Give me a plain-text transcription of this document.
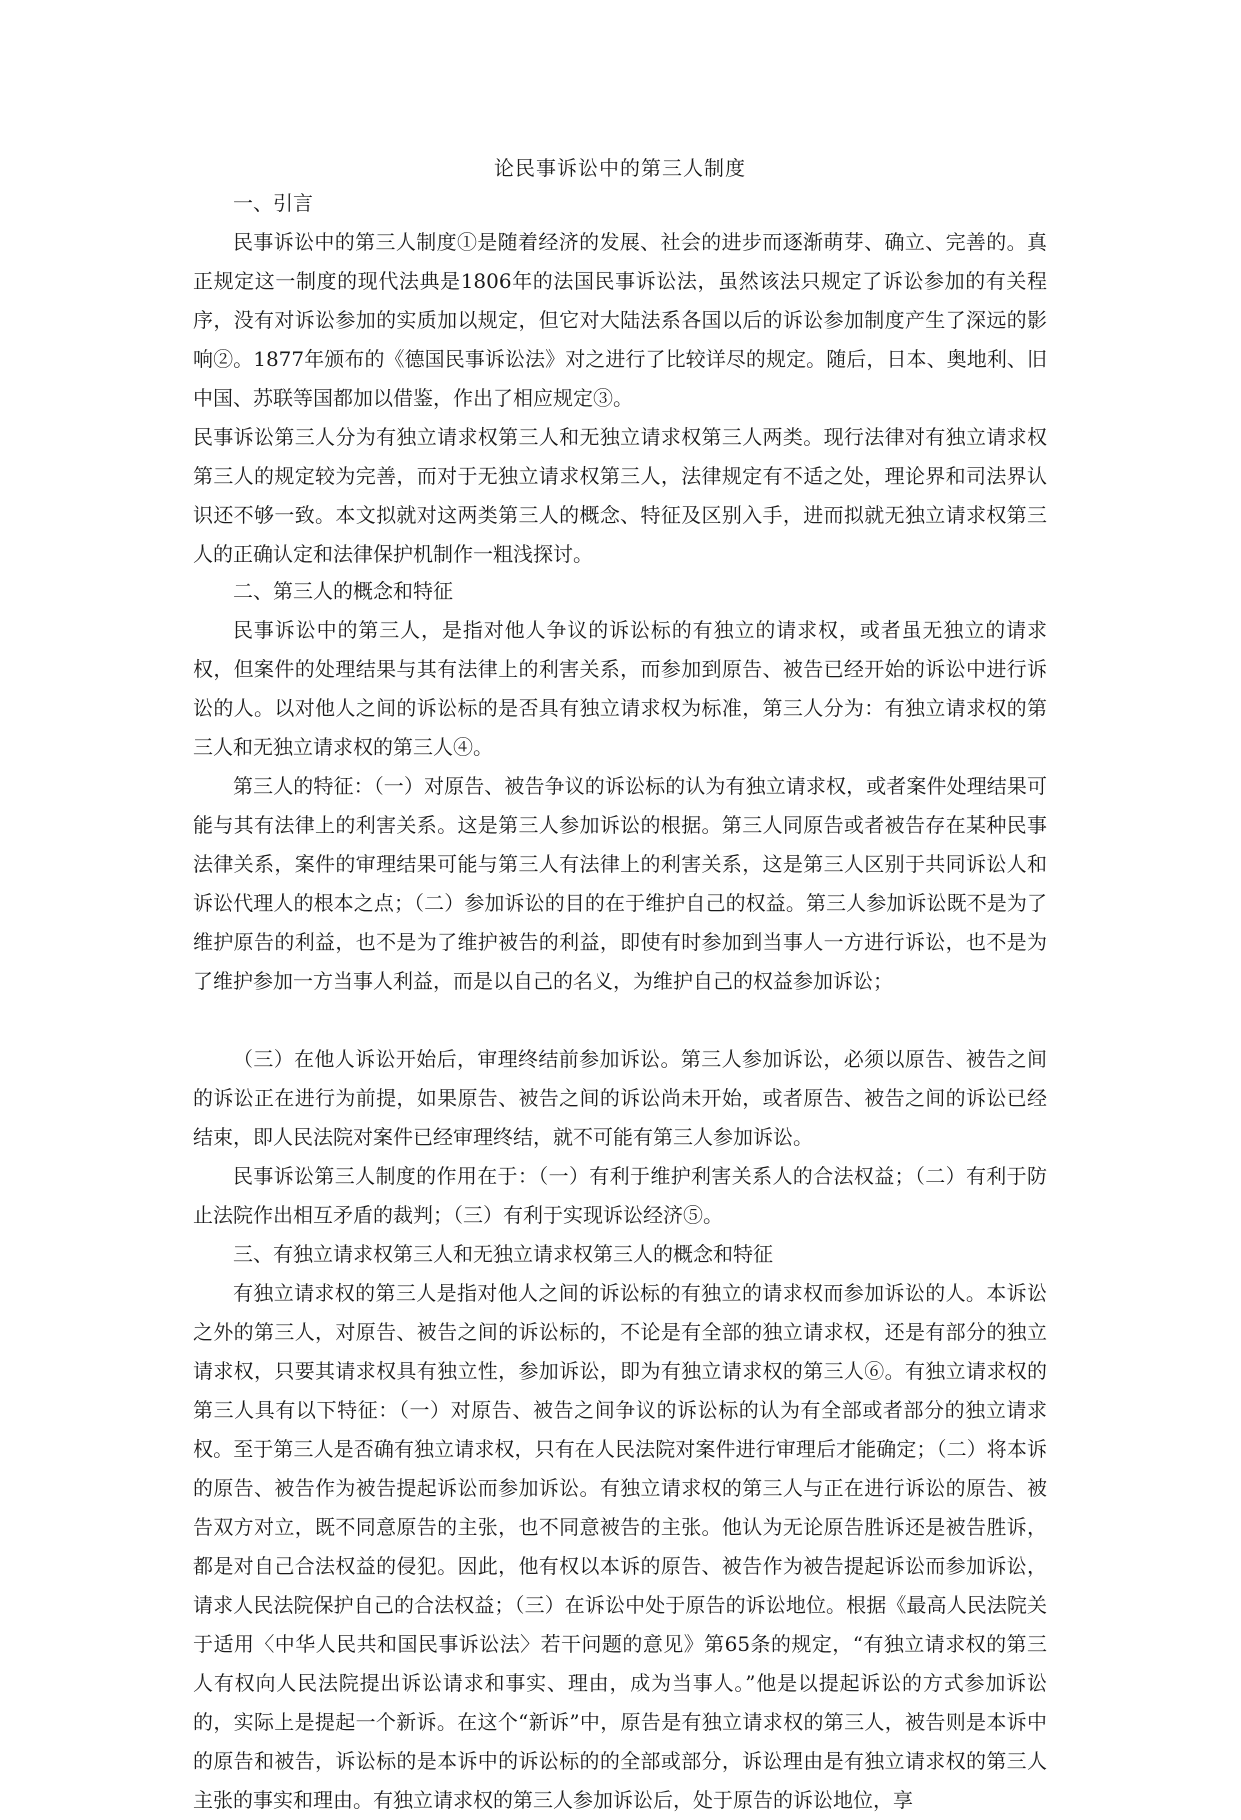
论民事诉讼中的第三人制度
一、引言

民事诉讼中的第三人制度①是随着经济的发展、社会的进步而逐渐萌芽、确立、完善的。真正规定这一制度的现代法典是1806年的法国民事诉讼法，虽然该法只规定了诉讼参加的有关程序，没有对诉讼参加的实质加以规定，但它对大陆法系各国以后的诉讼参加制度产生了深远的影响②。1877年颁布的《德国民事诉讼法》对之进行了比较详尽的规定。随后，日本、奥地利、旧中国、苏联等国都加以借鉴，作出了相应规定③。

民事诉讼第三人分为有独立请求权第三人和无独立请求权第三人两类。现行法律对有独立请求权第三人的规定较为完善，而对于无独立请求权第三人，法律规定有不适之处，理论界和司法界认识还不够一致。本文拟就对这两类第三人的概念、特征及区别入手，进而拟就无独立请求权第三人的正确认定和法律保护机制作一粗浅探讨。

二、第三人的概念和特征

民事诉讼中的第三人，是指对他人争议的诉讼标的有独立的请求权，或者虽无独立的请求权，但案件的处理结果与其有法律上的利害关系，而参加到原告、被告已经开始的诉讼中进行诉讼的人。以对他人之间的诉讼标的是否具有独立请求权为标准，第三人分为：有独立请求权的第三人和无独立请求权的第三人④。

第三人的特征：（一）对原告、被告争议的诉讼标的认为有独立请求权，或者案件处理结果可能与其有法律上的利害关系。这是第三人参加诉讼的根据。第三人同原告或者被告存在某种民事法律关系，案件的审理结果可能与第三人有法律上的利害关系，这是第三人区别于共同诉讼人和诉讼代理人的根本之点；（二）参加诉讼的目的在于维护自己的权益。第三人参加诉讼既不是为了维护原告的利益，也不是为了维护被告的利益，即使有时参加到当事人一方进行诉讼，也不是为了维护参加一方当事人利益，而是以自己的名义，为维护自己的权益参加诉讼；

（三）在他人诉讼开始后，审理终结前参加诉讼。第三人参加诉讼，必须以原告、被告之间的诉讼正在进行为前提，如果原告、被告之间的诉讼尚未开始，或者原告、被告之间的诉讼已经结束，即人民法院对案件已经审理终结，就不可能有第三人参加诉讼。

民事诉讼第三人制度的作用在于：（一）有利于维护利害关系人的合法权益；（二）有利于防止法院作出相互矛盾的裁判；（三）有利于实现诉讼经济⑤。

三、有独立请求权第三人和无独立请求权第三人的概念和特征

有独立请求权的第三人是指对他人之间的诉讼标的有独立的请求权而参加诉讼的人。本诉讼之外的第三人，对原告、被告之间的诉讼标的，不论是有全部的独立请求权，还是有部分的独立请求权，只要其请求权具有独立性，参加诉讼，即为有独立请求权的第三人⑥。有独立请求权的第三人具有以下特征：（一）对原告、被告之间争议的诉讼标的认为有全部或者部分的独立请求权。至于第三人是否确有独立请求权，只有在人民法院对案件进行审理后才能确定；（二）将本诉的原告、被告作为被告提起诉讼而参加诉讼。有独立请求权的第三人与正在进行诉讼的原告、被告双方对立，既不同意原告的主张，也不同意被告的主张。他认为无论原告胜诉还是被告胜诉，都是对自己合法权益的侵犯。因此，他有权以本诉的原告、被告作为被告提起诉讼而参加诉讼，请求人民法院保护自己的合法权益；（三）在诉讼中处于原告的诉讼地位。根据《最高人民法院关于适用〈中华人民共和国民事诉讼法〉若干问题的意见》第65条的规定，“有独立请求权的第三人有权向人民法院提出诉讼请求和事实、理由，成为当事人。”他是以提起诉讼的方式参加诉讼的，实际上是提起一个新诉。在这个“新诉”中，原告是有独立请求权的第三人，被告则是本诉中的原告和被告，诉讼标的是本诉中的诉讼标的的全部或部分，诉讼理由是有独立请求权的第三人主张的事实和理由。有独立请求权的第三人参加诉讼后，处于原告的诉讼地位，享
